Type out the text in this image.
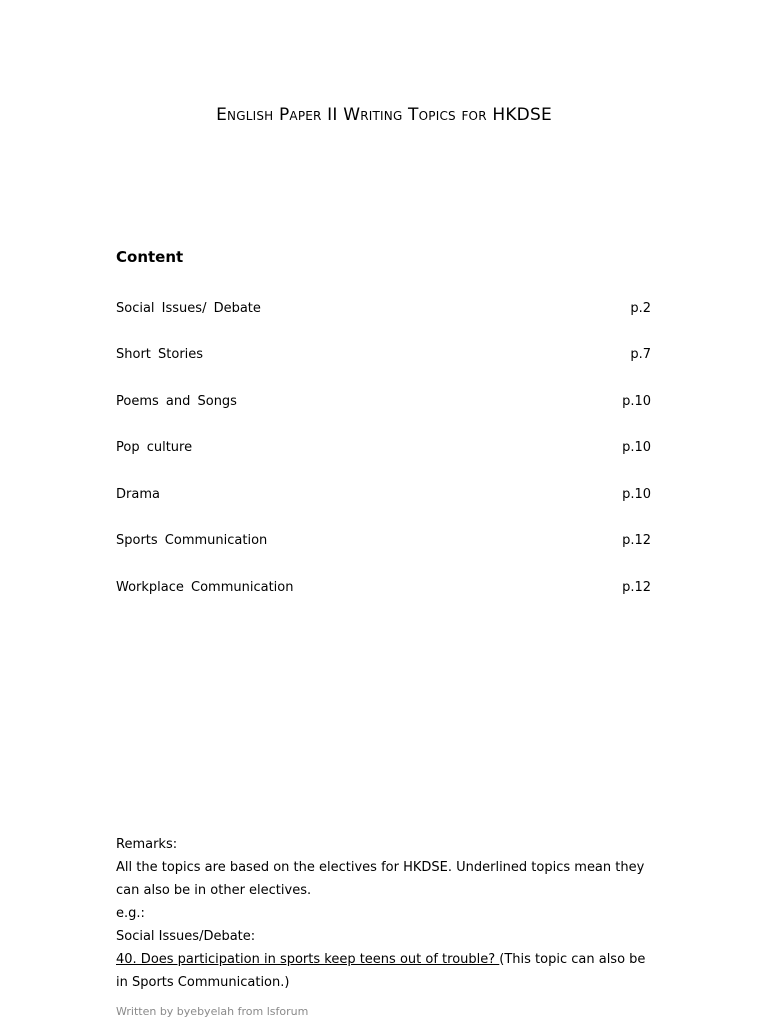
English Paper II Writing Topics for HKDSE
Content
Social Issues/ Debate	p.2
Short Stories	p.7
Poems and Songs	p.10
Pop culture	p.10
Drama	p.10
Sports Communication	p.12
Workplace Communication	p.12
Remarks:
All the topics are based on the electives for HKDSE. Underlined topics mean they can also be in other electives.
e.g.:
Social Issues/Debate:
40. Does participation in sports keep teens out of trouble? (This topic can also be in Sports Communication.)
Written by byebyelah from lsforum
